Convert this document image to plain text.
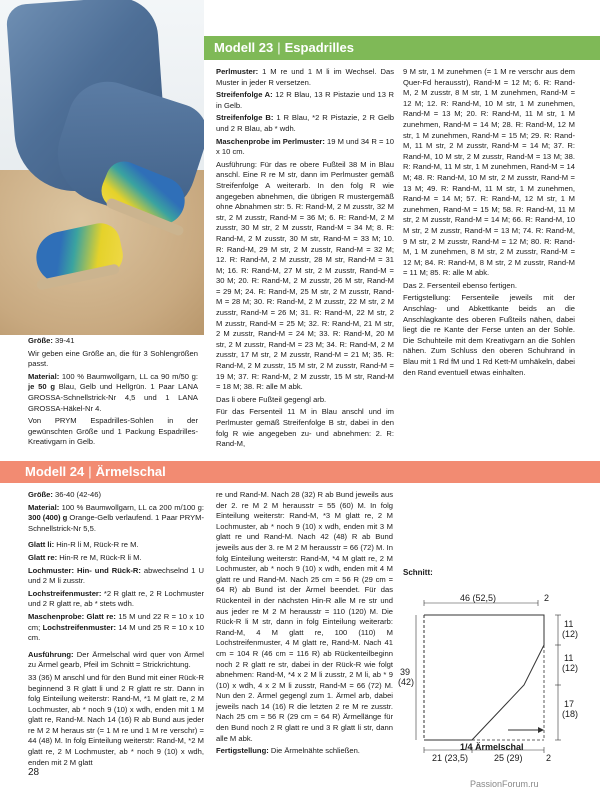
Modell 23 | Espadrilles

Größe: 39-41

Wir geben eine Größe an, die für 3 Sohlengrößen passt.

Material: 100 % Baumwollgarn, LL ca 90 m/50 g: je 50 g Blau, Gelb und Hellgrün. 1 Paar LANA GROSSA-Schnellstrick-Nr 4,5 und 1 LANA GROSSA-Häkel-Nr 4.

Von PRYM Espadrilles-Sohlen in der gewünschten Größe und 1 Packung Espadrilles-Kreativgarn in Gelb.

Perlmuster: 1 M re und 1 M li im Wechsel. Das Muster in jeder R versetzen.

Streifenfolge A: 12 R Blau, 13 R Pistazie und 13 R in Gelb.

Streifenfolge B: 1 R Blau, *2 R Pistazie, 2 R Gelb und 2 R Blau, ab * wdh.

Maschenprobe im Perlmuster: 19 M und 34 R = 10 x 10 cm.

Ausführung: Für das re obere Fußteil 38 M in Blau anschl. Eine R re M str, dann im Perlmuster gemäß Streifenfolge A weiterarb. In den folg R wie angegeben abnehmen, die übrigen R mustergemäß ohne Abnahmen str: 5. R: Rand-M, 2 M zusstr, 32 M str, 2 M zusstr, Rand-M = 36 M; 6. R: Rand-M, 2 M zusstr, 30 M str, 2 M zusstr, Rand-M = 34 M; 8. R: Rand-M, 2 M zusstr, 30 M str, Rand-M = 33 M; 10. R: Rand-M, 29 M str, 2 M zusstr, Rand-M = 32 M; 12. R: Rand-M, 2 M zusstr, 28 M str, Rand-M = 31 M; 16. R: Rand-M, 27 M str, 2 M zusstr, Rand-M = 30 M; 20. R: Rand-M, 2 M zusstr, 26 M str, Rand-M = 29 M; 24. R: Rand-M, 25 M str, 2 M zusstr, Rand-M = 28 M; 30. R: Rand-M, 2 M zusstr, 22 M str, 2 M zusstr, Rand-M = 26 M; 31. R: Rand-M, 22 M str, 2 M zusstr, Rand-M = 25 M; 32. R: Rand-M, 21 M str, 2 M zusstr, Rand-M = 24 M; 33. R: Rand-M, 20 M str, 2 M zusstr, Rand-M = 23 M; 34. R: Rand-M, 2 M zusstr, 17 M str, 2 M zusstr, Rand-M = 21 M; 35. R: Rand-M, 2 M zusstr, 15 M str, 2 M zusstr, Rand-M = 19 M; 37. R: Rand-M, 2 M zusstr, 15 M str, Rand-M = 18 M; 38. R: alle M abk.

Das li obere Fußteil gegengl arb.

Für das Fersenteil 11 M in Blau anschl und im Perlmuster gemäß Streifenfolge B str, dabei in den folg R wie angegeben zu- und abnehmen: 2. R: Rand-M,

9 M str, 1 M zunehmen (= 1 M re verschr aus dem Quer-Fd herausstr), Rand-M = 12 M; 6. R: Rand-M, 2 M zusstr, 8 M str, 1 M zunehmen, Rand-M = 12 M; 12. R: Rand-M, 10 M str, 1 M zunehmen, Rand-M = 13 M; 20. R: Rand-M, 11 M str, 1 M zunehmen, Rand-M = 14 M; 28. R: Rand-M, 12 M str, 1 M zunehmen, Rand-M = 15 M; 29. R: Rand-M, 11 M str, 2 M zusstr, Rand-M = 14 M; 37. R: Rand-M, 10 M str, 2 M zusstr, Rand-M = 13 M; 38. R: Rand-M, 11 M str, 1 M zunehmen, Rand-M = 14 M; 48. R: Rand-M, 10 M str, 2 M zusstr, Rand-M = 13 M; 49. R: Rand-M, 11 M str, 1 M zunehmen, Rand-M = 14 M; 57. R: Rand-M, 12 M str, 1 M zunehmen, Rand-M = 15 M; 58. R: Rand-M, 11 M str, 2 M zusstr, Rand-M = 14 M; 66. R: Rand-M, 10 M str, 2 M zusstr, Rand-M = 13 M; 74. R: Rand-M, 9 M str, 2 M zusstr, Rand-M = 12 M; 80. R: Rand-M, 1 M zunehmen, 8 M str, 2 M zusstr, Rand-M = 12 M; 84. R: Rand-M, 8 M str, 2 M zusstr, Rand-M = 11 M; 85. R: alle M abk.

Das 2. Fersenteil ebenso fertigen.

Fertigstellung: Fersenteile jeweils mit der Anschlag- und Abkettkante beids an die Anschlagkante des oberen Fußteils nähen, dabei liegt die re Kante der Ferse unten an der Sohle. Die Schuhteile mit dem Kreativgarn an die Sohlen nähen. Zum Schluss den oberen Schuhrand in Blau mit 1 Rd fM und 1 Rd Kett-M umhäkeln, dabei den Rand eventuell etwas einhalten.

Modell 24 | Ärmelschal

Größe: 36-40 (42-46)

Material: 100 % Baumwollgarn, LL ca 200 m/100 g: 300 (400) g Orange-Gelb verlaufend. 1 Paar PRYM-Schnellstrick-Nr 5,5.

Glatt li: Hin-R li M, Rück-R re M.

Glatt re: Hin-R re M, Rück-R li M.

Lochmuster: Hin- und Rück-R: abwechselnd 1 U und 2 M li zusstr.

Lochstreifenmuster: *2 R glatt re, 2 R Lochmuster und 2 R glatt re, ab * stets wdh.

Maschenprobe: Glatt re: 15 M und 22 R = 10 x 10 cm; Lochstreifenmuster: 14 M und 25 R = 10 x 10 cm.

Ausführung: Der Ärmelschal wird quer von Ärmel zu Ärmel gearb, Pfeil im Schnitt = Strickrichtung.

33 (36) M anschl und für den Bund mit einer Rück-R beginnend 3 R glatt li und 2 R glatt re str. Dann in folg Einteilung weiterstr: Rand-M, *1 M glatt re, 2 M Lochmuster, ab * noch 9 (10) x wdh, enden mit 1 M glatt re, Rand-M. Nach 14 (16) R ab Bund aus jeder re M 2 M heraus str (= 1 M re und 1 M re verschr) = 44 (48) M. In folg Einteilung weiterstr: Rand-M, *2 M glatt re, 2 M Lochmuster, ab * noch 9 (10) x wdh, enden mit 2 M glatt

re und Rand-M. Nach 28 (32) R ab Bund jeweils aus der 2. re M 2 M herausstr = 55 (60) M. In folg Einteilung weiterstr: Rand-M, *3 M glatt re, 2 M Lochmuster, ab * noch 9 (10) x wdh, enden mit 3 M glatt re und Rand-M. Nach 42 (48) R ab Bund jeweils aus der 3. re M 2 M herausstr = 66 (72) M. In folg Einteilung weiterstr: Rand-M, *4 M glatt re, 2 M Lochmuster, ab * noch 9 (10) x wdh, enden mit 4 M glatt re und Rand-M. Nach 25 cm = 56 R (29 cm = 64 R) ab Bund ist der Ärmel beendet. Für das Rückenteil in der nächsten Hin-R alle M re str und aus jeder re M 2 M herausstr = 110 (120) M. Die Rück-R li M str, dann in folg Einteilung weiterarb: Rand-M, 4 M glatt re, 100 (110) M Lochstreifenmuster, 4 M glatt re, Rand-M. Nach 41 cm = 104 R (46 cm = 116 R) ab Rückenteilbeginn noch 2 R glatt re str, dabei in der Rück-R wie folgt abnehmen: Rand-M, *4 x 2 M li zusstr, 2 M li, ab * 9 (10) x wdh, 4 x 2 M li zusstr, Rand-M = 66 (72) M. Nun den 2. Ärmel gegengl zum 1. Ärmel arb, dabei jeweils nach 14 (16) R die letzten 2 re M re zusstr. Nach 25 cm = 56 R (29 cm = 64 R) Ärmellänge für den Bund noch 2 R glatt re und 3 R glatt li str, dann alle M abk.

Fertigstellung: Die Ärmelnähte schließen.

Schnitt:
46 (52,5)	2
11
(12)
11
(12)
17
(18)
39
(42)
21 (23,5)	25 (29)	2
1/4 Ärmelschal
28
PassionForum.ru
